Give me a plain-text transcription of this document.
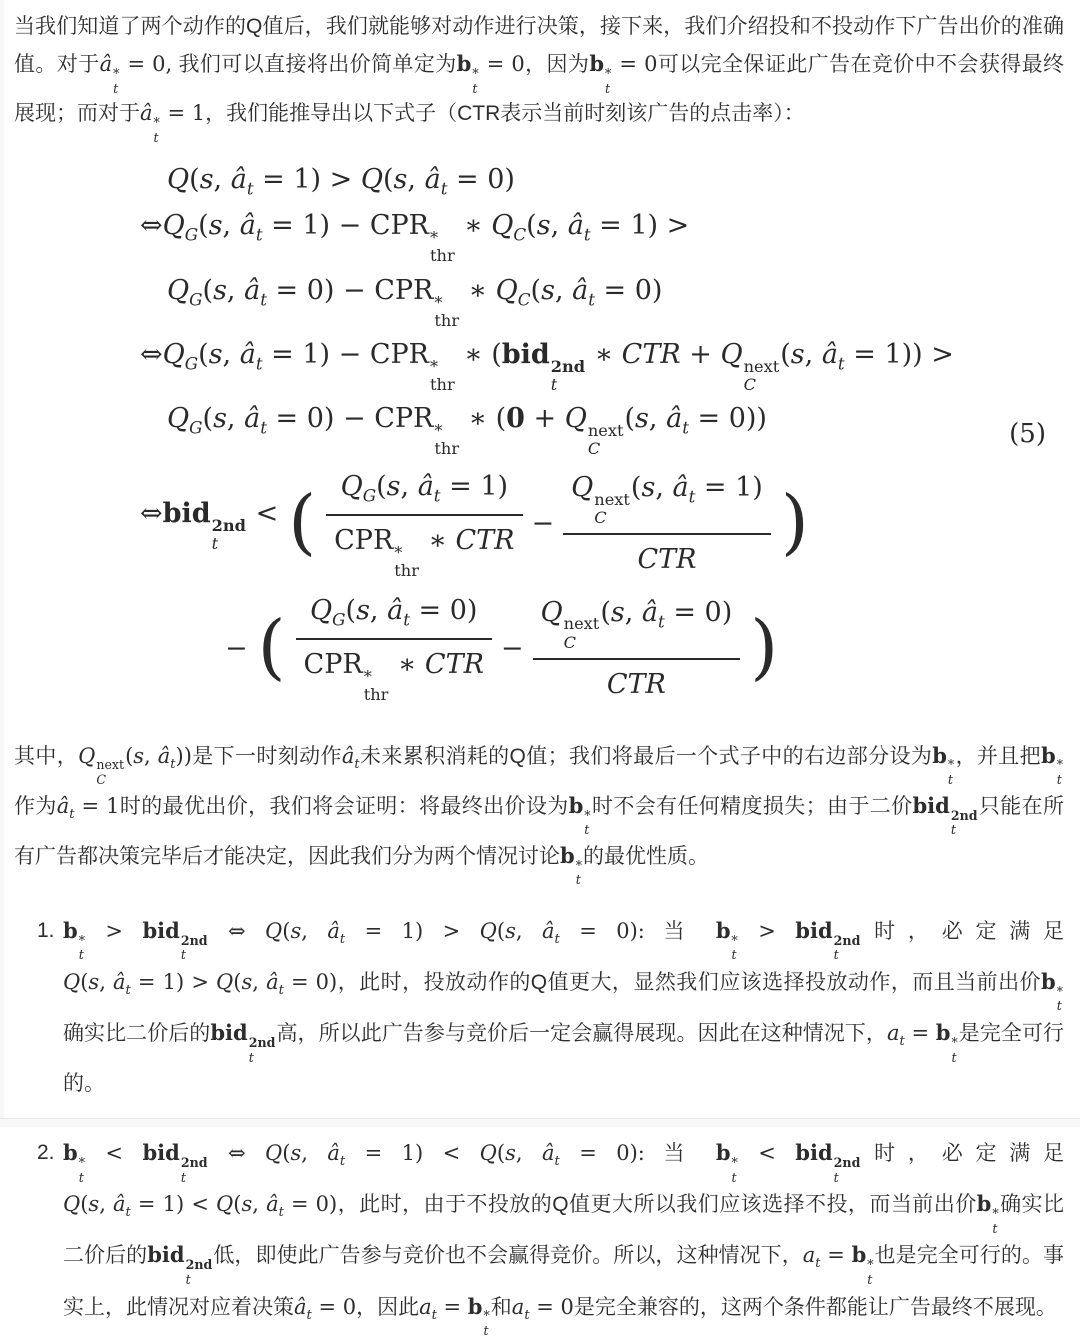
当我们知道了两个动作的Q值后，我们就能够对动作进行决策，接下来，我们介绍投和不投动作下广告出价的准确值。对于â *
t
= 0, 我们可以直接将出价简单定为b *
t
= 0，因为b *
t
= 0可以完全保证此广告在竞价中不会获得最终展现；而对于â *
t
= 1，我们能推导出以下式子（CTR表示当前时刻该广告的点击率）：

Q(s, $â_t = 1) > Q(s$, $â_t = 0$)
$\Leftrightarrow Q_G(s$, $â_t = 1$) − CPR *
thr
∗ $Q_C(s$, $â_t = 1$) >
$Q_G(s$, $â_t = 0$) − CPR *
thr
∗ $Q_C(s$, $â_t = 0$)
$\Leftrightarrow Q_G(s$, $â_t = 1$) − CPR *
thr
∗ (bid 2nd
t
∗ CTR + Q next
C
(s, $â_t = 1$)) >
$Q_G(s$, $â_t = 0$) − CPR *
thr
∗ (0 + Q next
C
(s, $â_t = 0$))
⇔bid 2nd
t
< ( $Q_G(s$, $â_t = 1$)
CPR *
thr
∗ CTR − Q next
C
(s, $â_t = 1$)
CTR )
− ( $Q_G(s$, $â_t = 0$)
CPR *
thr
∗ CTR − Q next
C
(s, $â_t = 0$)
CTR )
(5)

其中，Q next
C
(s, $â_t$))是下一时刻动作$â_t$未来累积消耗的Q值；我们将最后一个式子中的右边部分设为b *
t
，并且把b *
t
作为$â_t = 1$时的最优出价，我们将会证明：将最终出价设为b *
t
时不会有任何精度损失；由于二价bid 2nd
t
只能在所有广告都决策完毕后才能决定，因此我们分为两个情况讨论b *
t
的最优性质。

1. b *
t
> bid 2nd
t
⇔ Q(s, $â_t = 1) > Q(s$, $â_t = 0$): 当 b *
t
> bid 2nd
t
时，必定满足 Q(s, $â_t = 1) > Q(s$, $â_t = 0$)，此时，投放动作的Q值更大，显然我们应该选择投放动作，而且当前出价b *
t
确实比二价后的bid 2nd
t
高，所以此广告参与竞价后一定会赢得展现。因此在这种情况下，$a_t = b$ *
t
是完全可行的。
2. b *
t
< bid 2nd
t
⇔ Q(s, $â_t = 1) < Q(s$, $â_t = 0$): 当 b *
t
< bid 2nd
t
时，必定满足 Q(s, $â_t = 1) < Q(s$, $â_t = 0$)，此时，由于不投放的Q值更大所以我们应该选择不投，而当前出价b *
t
确实比二价后的bid 2nd
t
低，即使此广告参与竞价也不会赢得竞价。所以，这种情况下，$a_t = b$ *
t
也是完全可行的。事实上，此情况对应着决策$â_t = 0$，因此$a_t = b$ *
t
和$a_t = 0$是完全兼容的，这两个条件都能让广告最终不展现。
